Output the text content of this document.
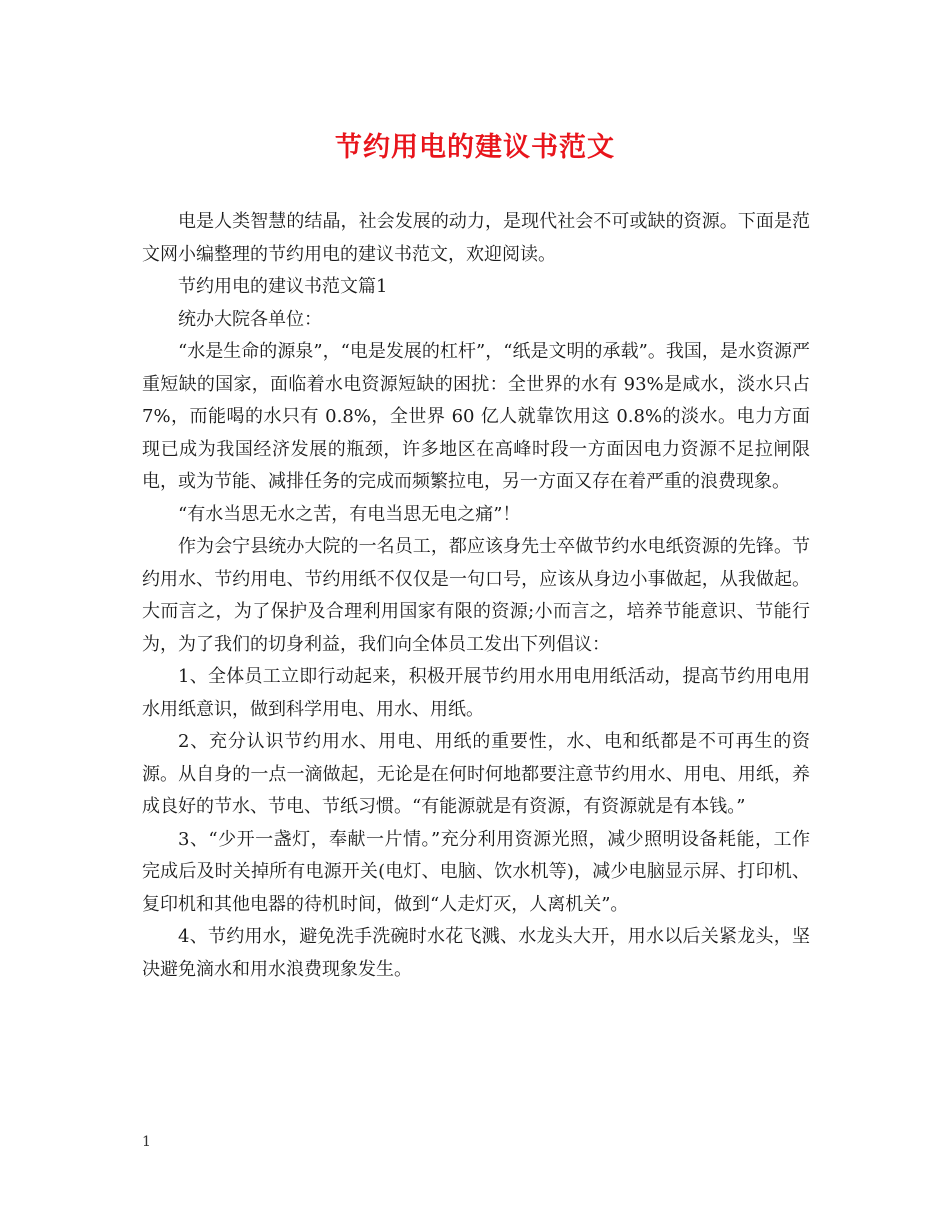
节约用电的建议书范文

电是人类智慧的结晶，社会发展的动力，是现代社会不可或缺的资源。下面是范文网小编整理的节约用电的建议书范文，欢迎阅读。

节约用电的建议书范文篇1

统办大院各单位：

“水是生命的源泉”，“电是发展的杠杆”，“纸是文明的承载”。我国，是水资源严重短缺的国家，面临着水电资源短缺的困扰：全世界的水有 93%是咸水，淡水只占 7%，而能喝的水只有 0.8%，全世界 60 亿人就靠饮用这 0.8%的淡水。电力方面现已成为我国经济发展的瓶颈，许多地区在高峰时段一方面因电力资源不足拉闸限电，或为节能、减排任务的完成而频繁拉电，另一方面又存在着严重的浪费现象。

“有水当思无水之苦，有电当思无电之痛”！

作为会宁县统办大院的一名员工，都应该身先士卒做节约水电纸资源的先锋。节约用水、节约用电、节约用纸不仅仅是一句口号，应该从身边小事做起，从我做起。大而言之，为了保护及合理利用国家有限的资源;小而言之，培养节能意识、节能行为，为了我们的切身利益，我们向全体员工发出下列倡议：

1、全体员工立即行动起来，积极开展节约用水用电用纸活动，提高节约用电用水用纸意识，做到科学用电、用水、用纸。

2、充分认识节约用水、用电、用纸的重要性，水、电和纸都是不可再生的资源。从自身的一点一滴做起，无论是在何时何地都要注意节约用水、用电、用纸，养成良好的节水、节电、节纸习惯。“有能源就是有资源，有资源就是有本钱。”

3、“少开一盏灯，奉献一片情。”充分利用资源光照，减少照明设备耗能，工作完成后及时关掉所有电源开关(电灯、电脑、饮水机等)，减少电脑显示屏、打印机、复印机和其他电器的待机时间，做到“人走灯灭，人离机关”。

4、节约用水，避免洗手洗碗时水花飞溅、水龙头大开，用水以后关紧龙头，坚决避免滴水和用水浪费现象发生。

1
